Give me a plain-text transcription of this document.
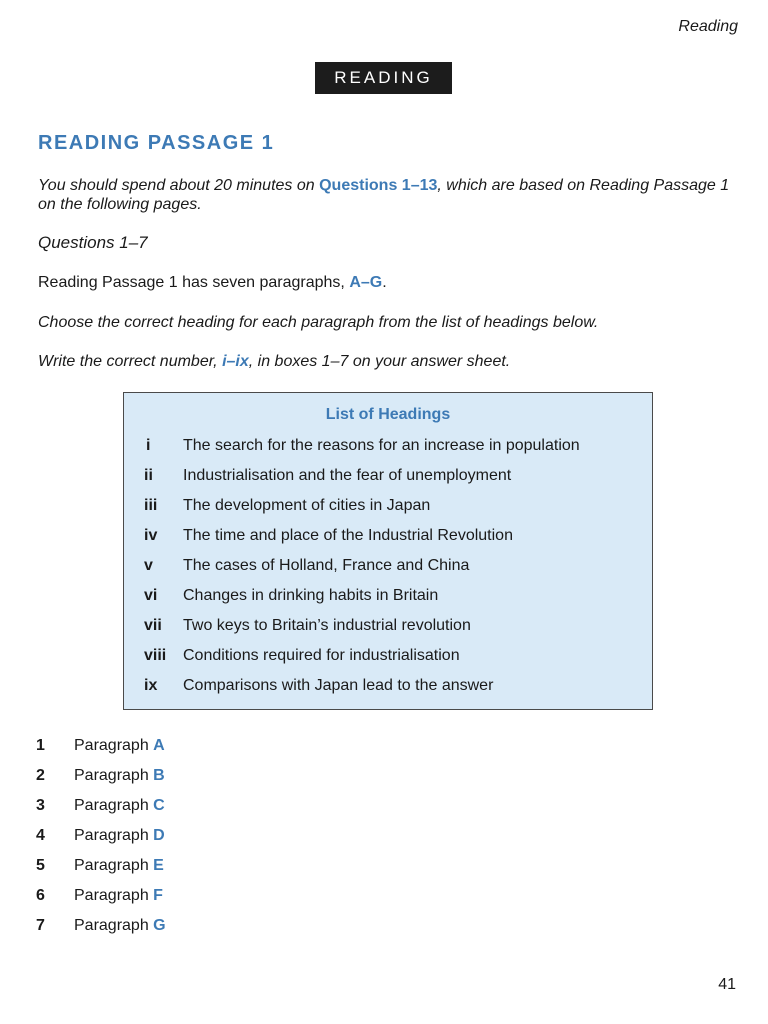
Reading
READING
READING PASSAGE 1
You should spend about 20 minutes on Questions 1–13, which are based on Reading Passage 1 on the following pages.
Questions 1–7
Reading Passage 1 has seven paragraphs, A–G.
Choose the correct heading for each paragraph from the list of headings below.
Write the correct number, i–ix, in boxes 1–7 on your answer sheet.
List of Headings
i The search for the reasons for an increase in population
ii Industrialisation and the fear of unemployment
iii The development of cities in Japan
iv The time and place of the Industrial Revolution
v The cases of Holland, France and China
vi Changes in drinking habits in Britain
vii Two keys to Britain’s industrial revolution
viii Conditions required for industrialisation
ix Comparisons with Japan lead to the answer
1 Paragraph A
2 Paragraph B
3 Paragraph C
4 Paragraph D
5 Paragraph E
6 Paragraph F
7 Paragraph G
41
